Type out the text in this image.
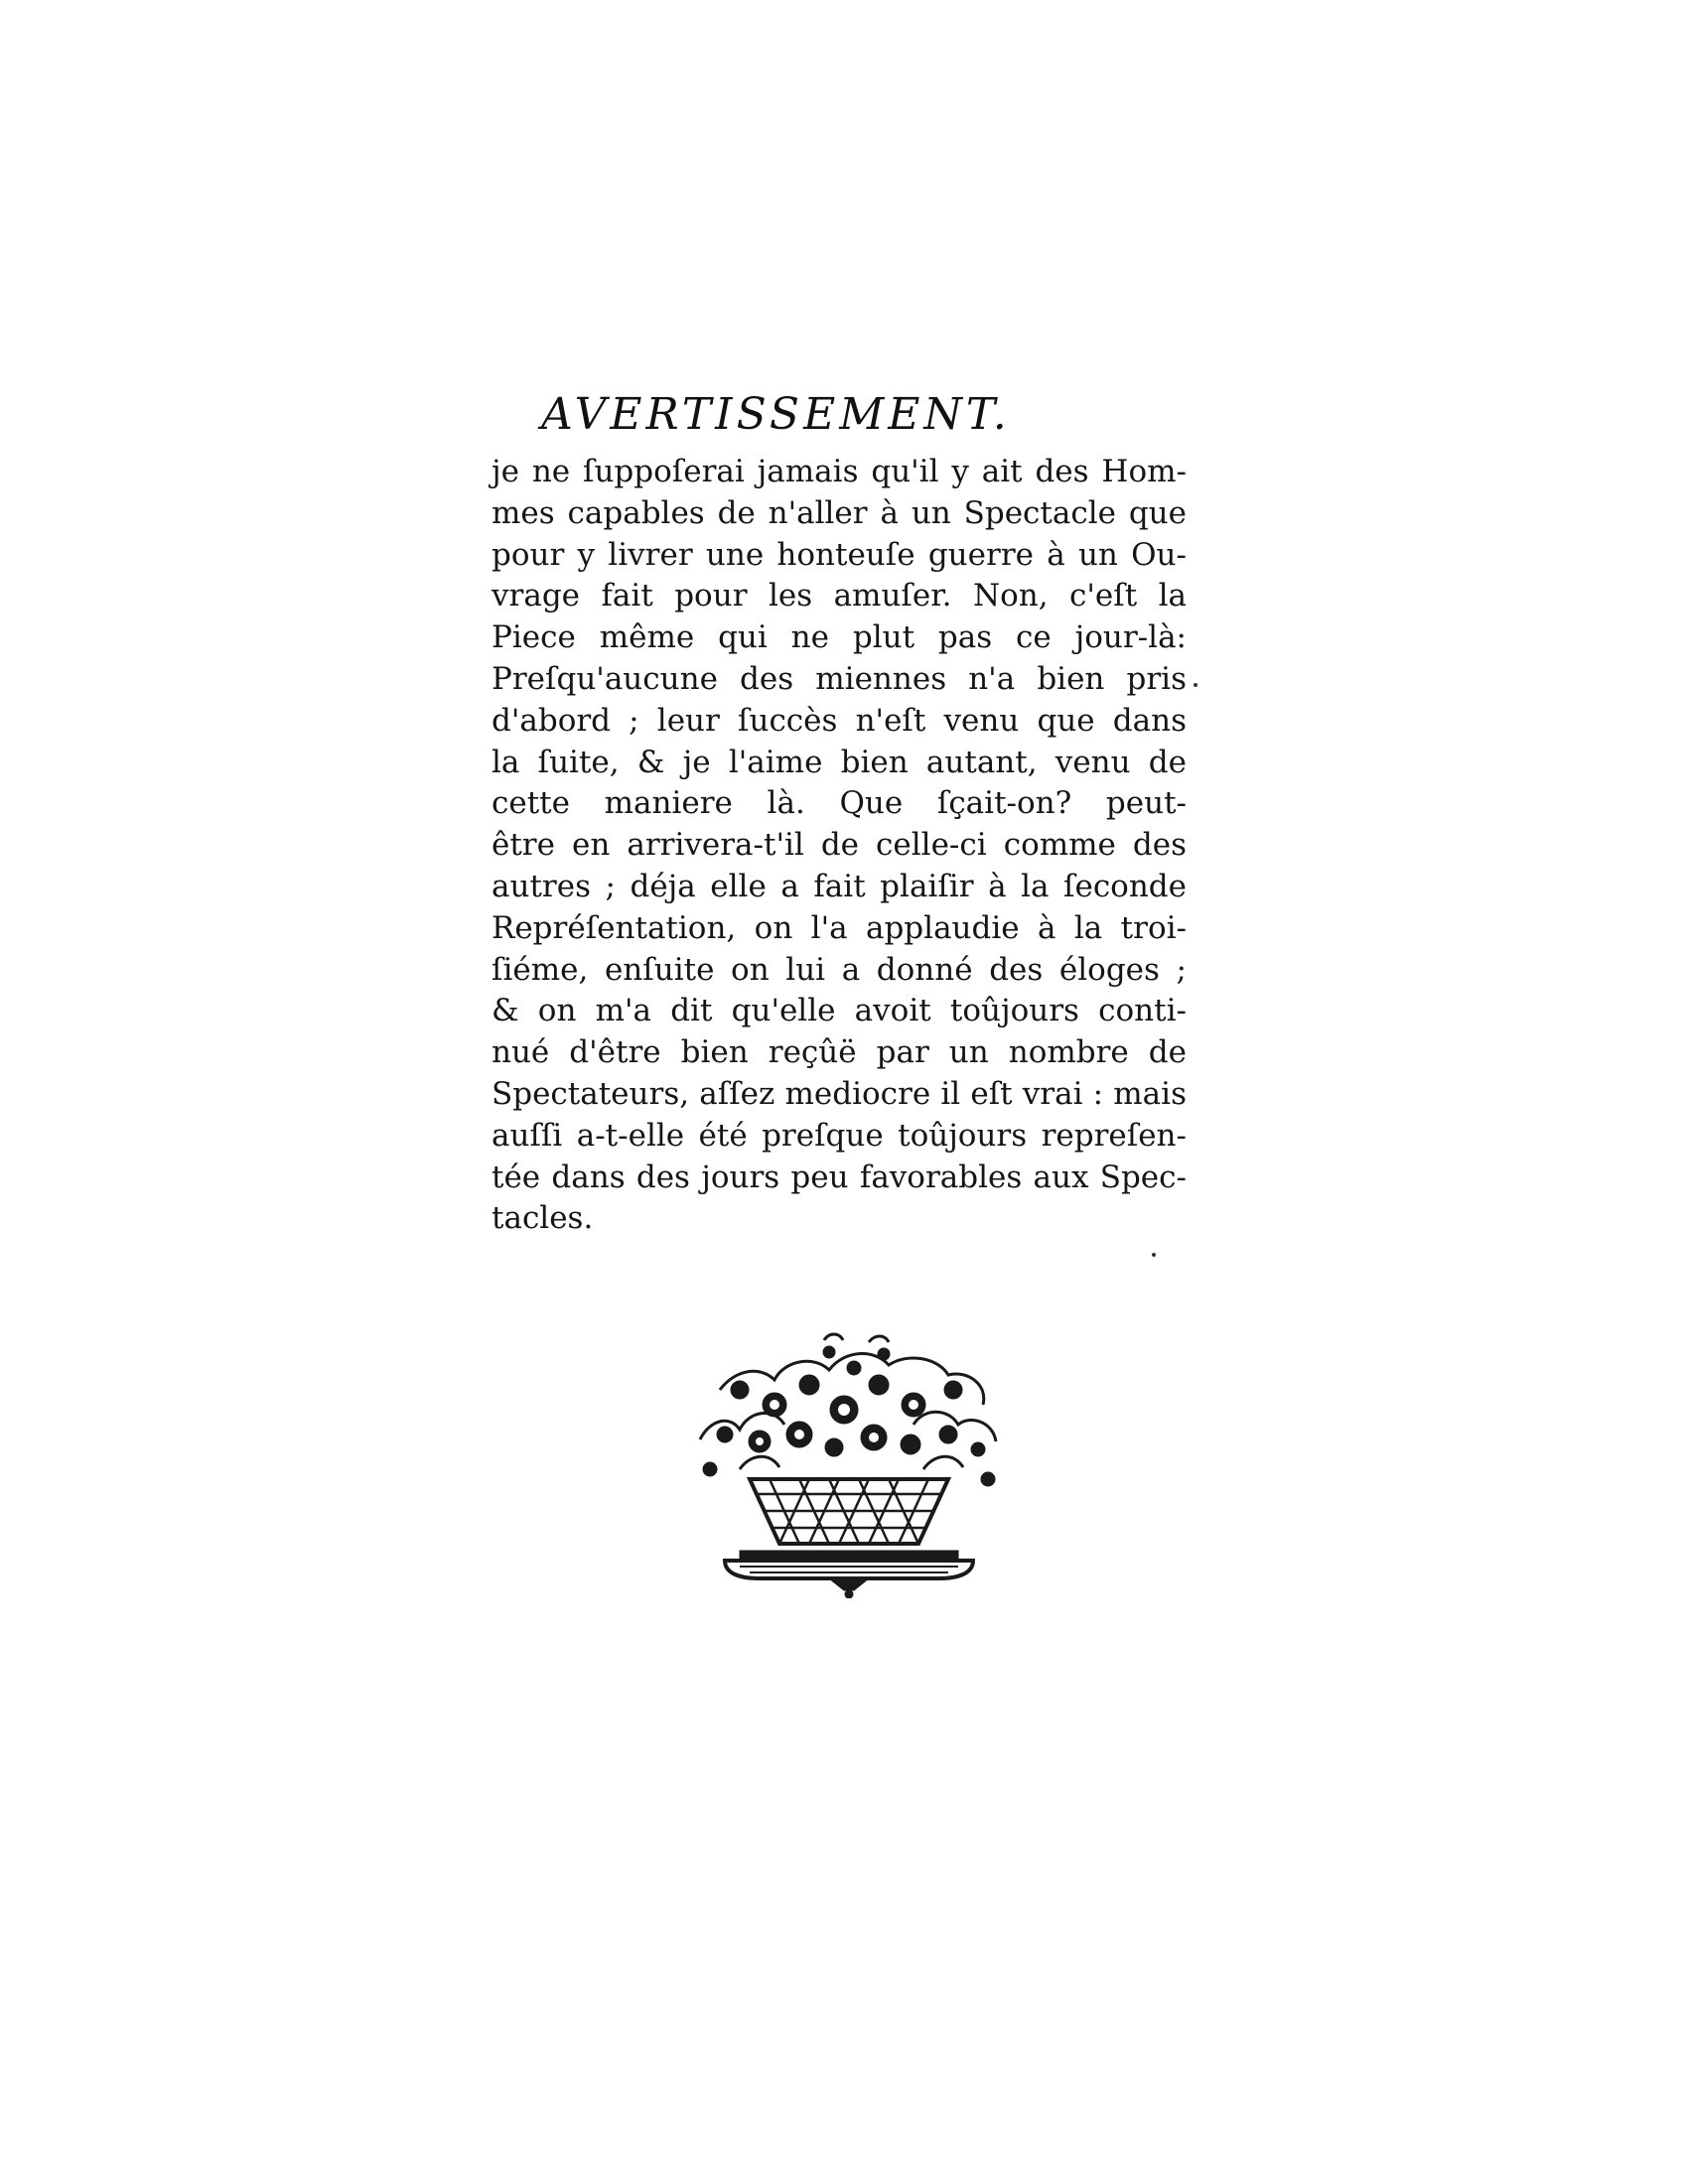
AVERTISSEMENT.
je ne ſuppoſerai jamais qu'il y ait des Hom-
mes capables de n'aller à un Spectacle que
pour y livrer une honteuſe guerre à un Ou-
vrage fait pour les amuſer. Non, c'eſt la
Piece même qui ne plut pas ce jour-là:
Preſqu'aucune des miennes n'a bien pris
d'abord ; leur ſuccès n'eſt venu que dans
la ſuite, & je l'aime bien autant, venu de
cette maniere là. Que ſçait-on? peut-
être en arrivera-t'il de celle-ci comme des
autres ; déja elle a fait plaiſir à la ſeconde
Repréſentation, on l'a applaudie à la troi-
ſiéme, enſuite on lui a donné des éloges ;
& on m'a dit qu'elle avoit toûjours conti-
nué d'être bien reçûë par un nombre de
Spectateurs, aſſez mediocre il eſt vrai : mais
auſſi a-t-elle été preſque toûjours repreſen-
tée dans des jours peu favorables aux Spec-
tacles.
